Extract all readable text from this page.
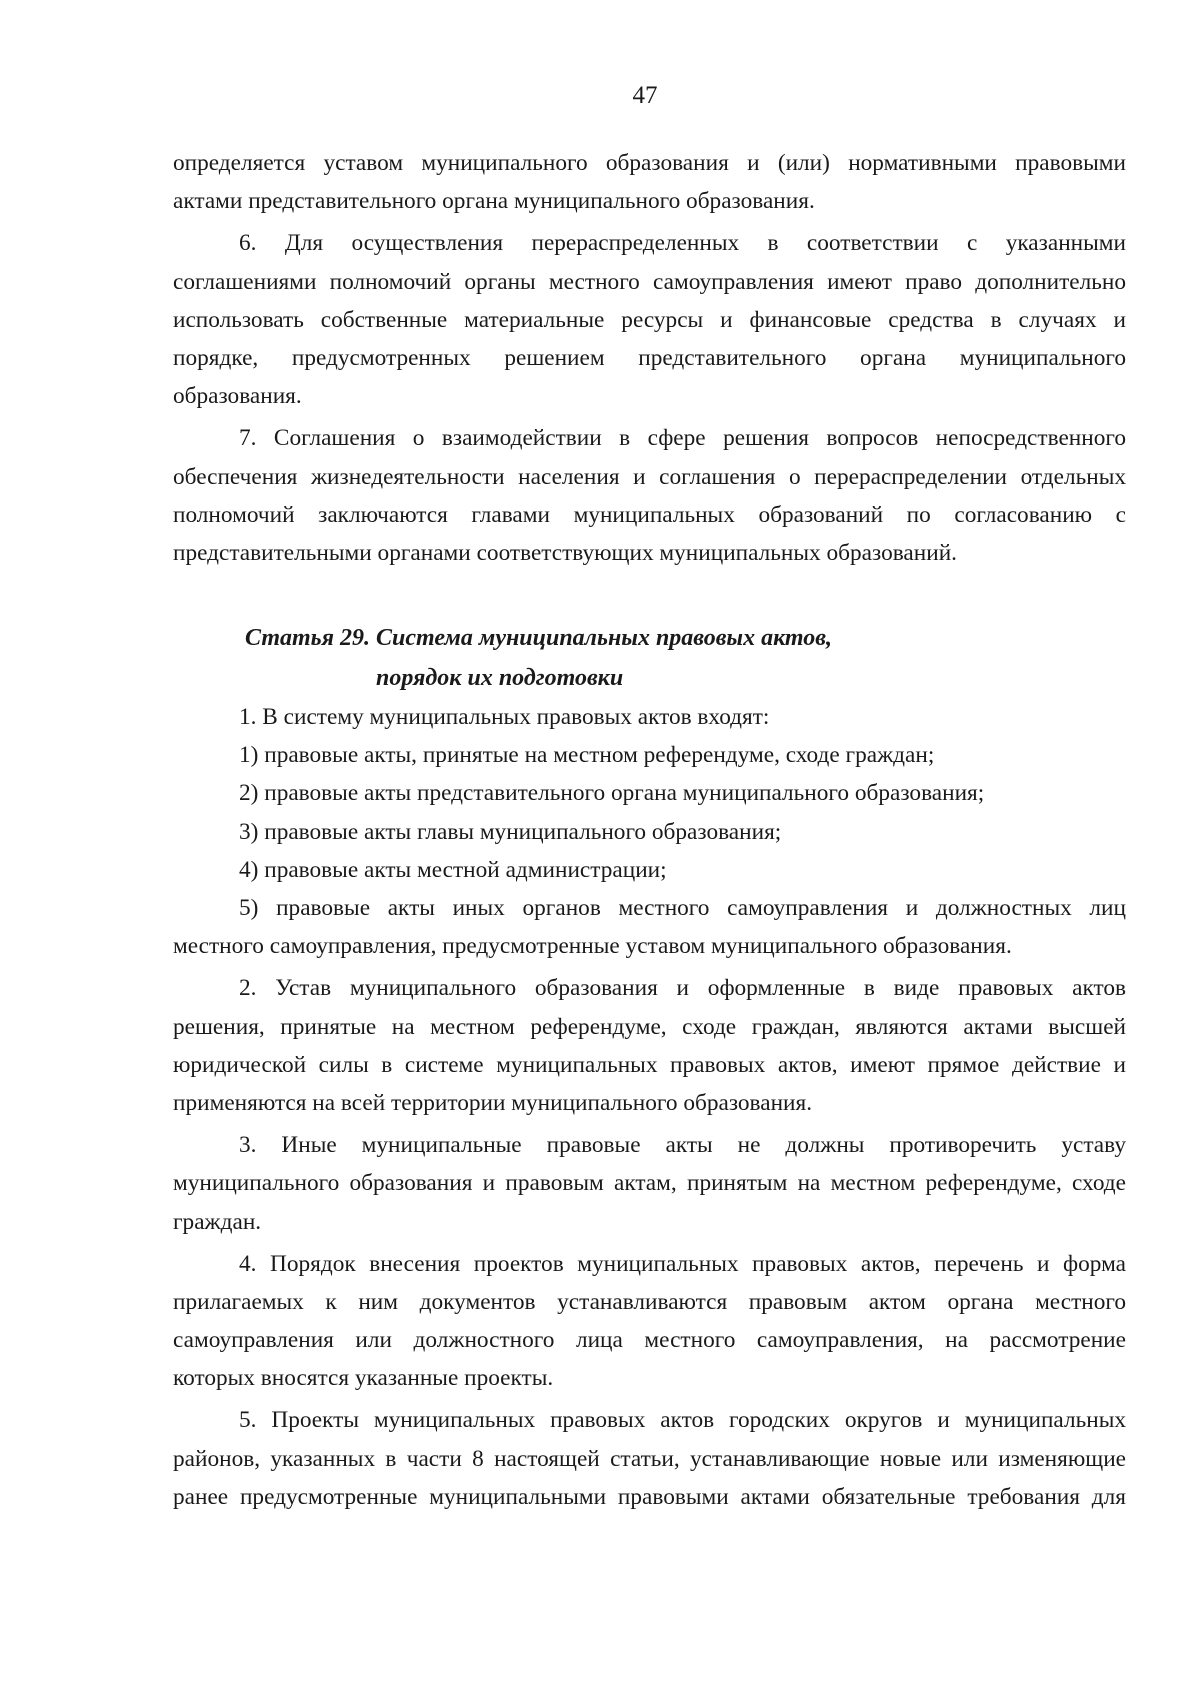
47
определяется уставом муниципального образования и (или) нормативными правовыми
актами представительного органа муниципального образования.
6. Для осуществления перераспределенных в соответствии с указанными
соглашениями полномочий органы местного самоуправления имеют право дополнительно
использовать собственные материальные ресурсы и финансовые средства в случаях и
порядке, предусмотренных решением представительного органа муниципального
образования.
7. Соглашения о взаимодействии в сфере решения вопросов непосредственного
обеспечения жизнедеятельности населения и соглашения о перераспределении отдельных
полномочий заключаются главами муниципальных образований по согласованию с
представительными органами соответствующих муниципальных образований.
Статья 29. Система муниципальных правовых актов,
порядок их подготовки
1. В систему муниципальных правовых актов входят:
1) правовые акты, принятые на местном референдуме, сходе граждан;
2) правовые акты представительного органа муниципального образования;
3) правовые акты главы муниципального образования;
4) правовые акты местной администрации;
5) правовые акты иных органов местного самоуправления и должностных лиц
местного самоуправления, предусмотренные уставом муниципального образования.
2. Устав муниципального образования и оформленные в виде правовых актов
решения, принятые на местном референдуме, сходе граждан, являются актами высшей
юридической силы в системе муниципальных правовых актов, имеют прямое действие и
применяются на всей территории муниципального образования.
3. Иные муниципальные правовые акты не должны противоречить уставу
муниципального образования и правовым актам, принятым на местном референдуме, сходе
граждан.
4. Порядок внесения проектов муниципальных правовых актов, перечень и форма
прилагаемых к ним документов устанавливаются правовым актом органа местного
самоуправления или должностного лица местного самоуправления, на рассмотрение
которых вносятся указанные проекты.
5. Проекты муниципальных правовых актов городских округов и муниципальных
районов, указанных в части 8 настоящей статьи, устанавливающие новые или изменяющие
ранее предусмотренные муниципальными правовыми актами обязательные требования для
